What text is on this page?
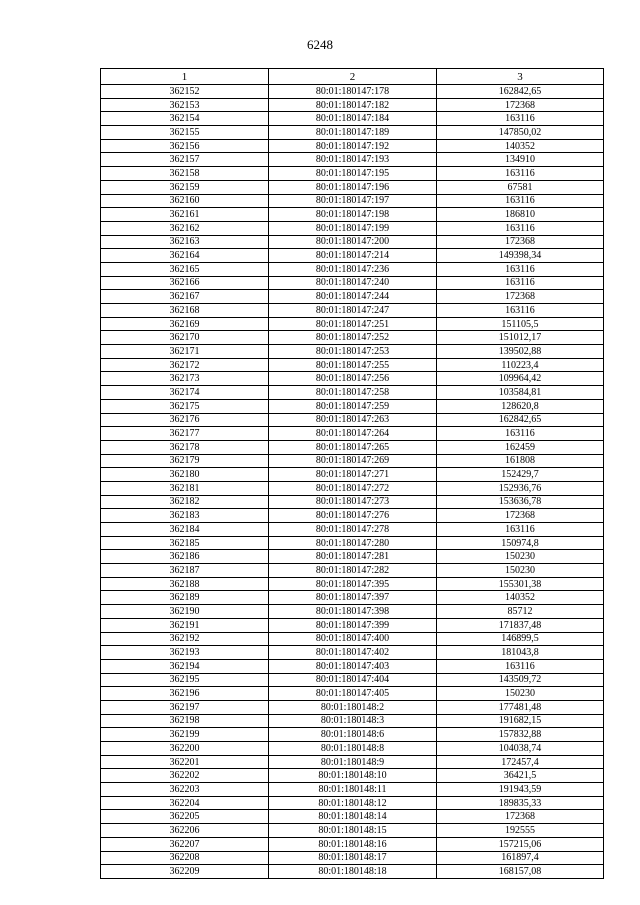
6248
1	2	3
362152	80:01:180147:178	162842,65
362153	80:01:180147:182	172368
362154	80:01:180147:184	163116
362155	80:01:180147:189	147850,02
362156	80:01:180147:192	140352
362157	80:01:180147:193	134910
362158	80:01:180147:195	163116
362159	80:01:180147:196	67581
362160	80:01:180147:197	163116
362161	80:01:180147:198	186810
362162	80:01:180147:199	163116
362163	80:01:180147:200	172368
362164	80:01:180147:214	149398,34
362165	80:01:180147:236	163116
362166	80:01:180147:240	163116
362167	80:01:180147:244	172368
362168	80:01:180147:247	163116
362169	80:01:180147:251	151105,5
362170	80:01:180147:252	151012,17
362171	80:01:180147:253	139502,88
362172	80:01:180147:255	110223,4
362173	80:01:180147:256	109964,42
362174	80:01:180147:258	103584,81
362175	80:01:180147:259	128620,8
362176	80:01:180147:263	162842,65
362177	80:01:180147:264	163116
362178	80:01:180147:265	162459
362179	80:01:180147:269	161808
362180	80:01:180147:271	152429,7
362181	80:01:180147:272	152936,76
362182	80:01:180147:273	153636,78
362183	80:01:180147:276	172368
362184	80:01:180147:278	163116
362185	80:01:180147:280	150974,8
362186	80:01:180147:281	150230
362187	80:01:180147:282	150230
362188	80:01:180147:395	155301,38
362189	80:01:180147:397	140352
362190	80:01:180147:398	85712
362191	80:01:180147:399	171837,48
362192	80:01:180147:400	146899,5
362193	80:01:180147:402	181043,8
362194	80:01:180147:403	163116
362195	80:01:180147:404	143509,72
362196	80:01:180147:405	150230
362197	80:01:180148:2	177481,48
362198	80:01:180148:3	191682,15
362199	80:01:180148:6	157832,88
362200	80:01:180148:8	104038,74
362201	80:01:180148:9	172457,4
362202	80:01:180148:10	36421,5
362203	80:01:180148:11	191943,59
362204	80:01:180148:12	189835,33
362205	80:01:180148:14	172368
362206	80:01:180148:15	192555
362207	80:01:180148:16	157215,06
362208	80:01:180148:17	161897,4
362209	80:01:180148:18	168157,08
